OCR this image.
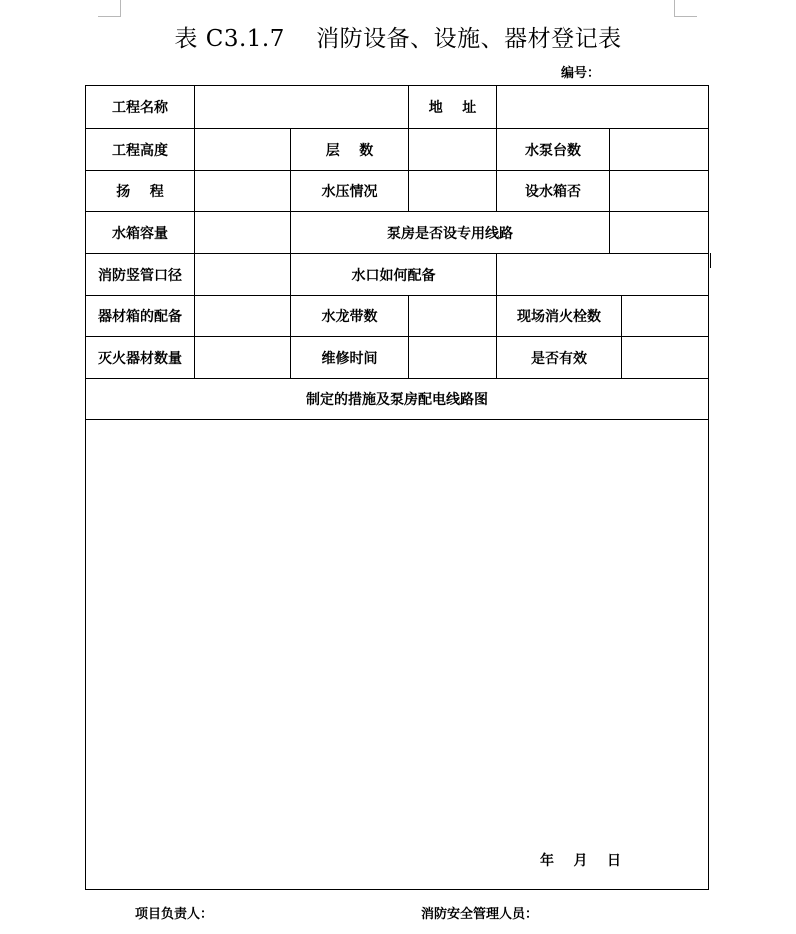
表 C3.1.7    消防设备、设施、器材登记表
编号：
工程名称	地    址
工程高度	层    数	水泵台数
扬    程	水压情况	设水箱否
水箱容量	泵房是否设专用线路
消防竖管口径	水口如何配备
器材箱的配备	水龙带数	现场消火栓数
灭火器材数量	维修时间	是否有效
制定的措施及泵房配电线路图
年    月    日
项目负责人：	消防安全管理人员：
